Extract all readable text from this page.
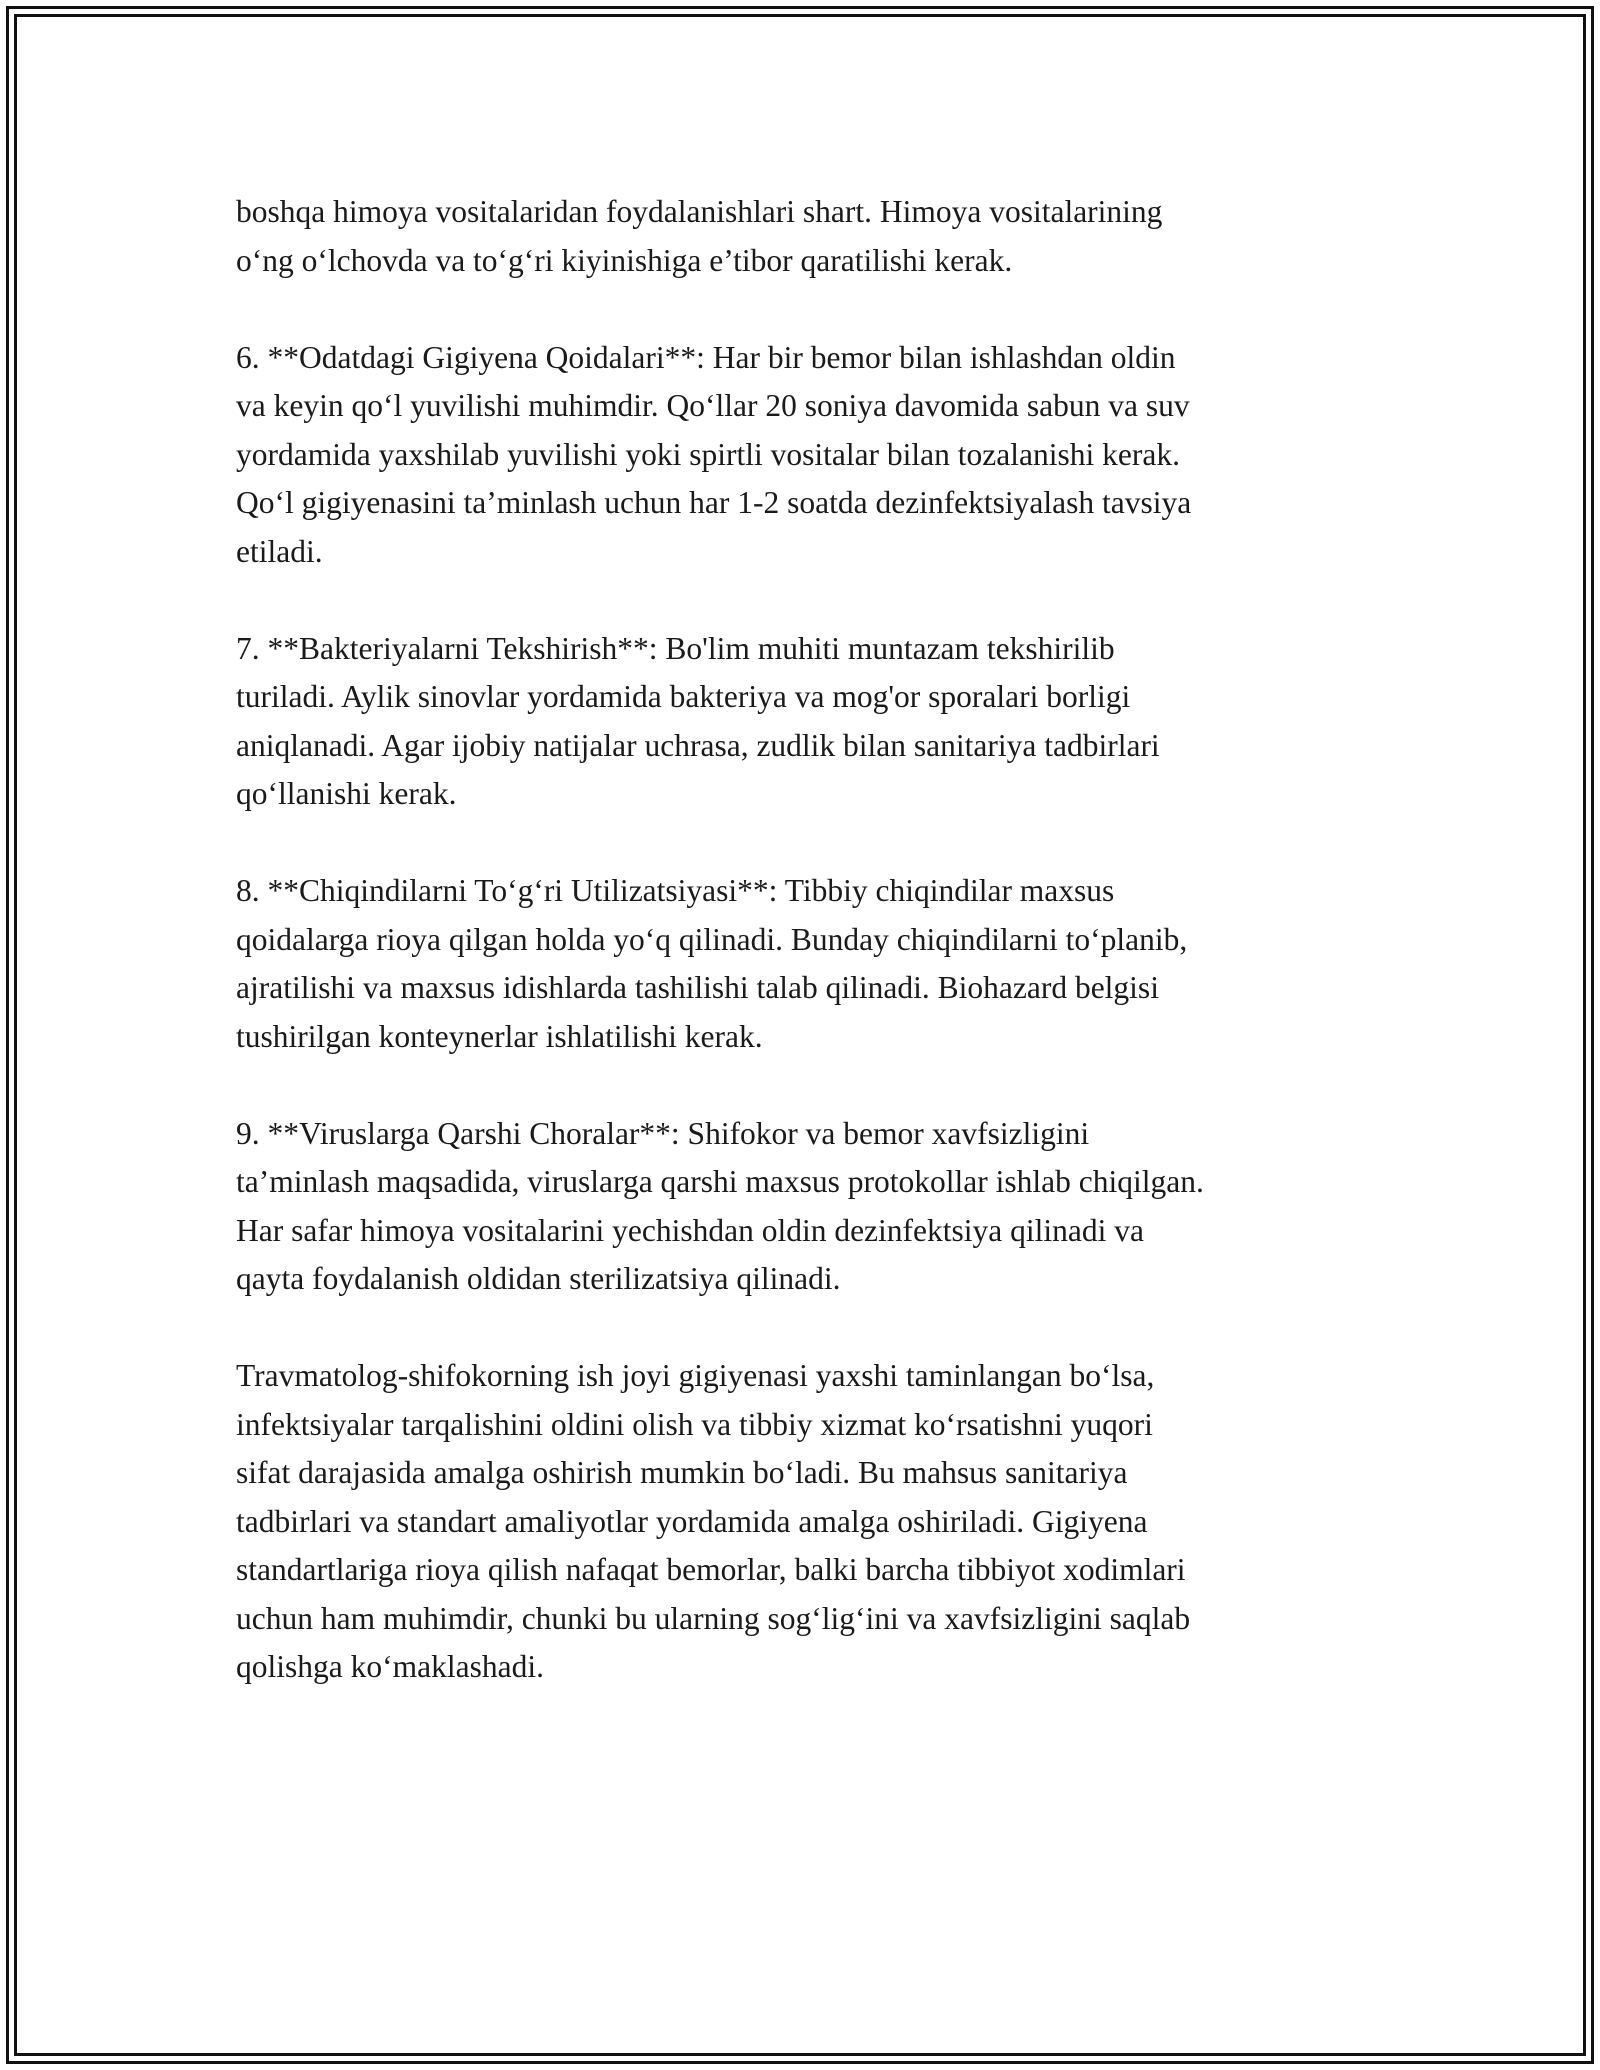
boshqa himoya vositalaridan foydalanishlari shart. Himoya vositalarining
o‘ng o‘lchovda va to‘g‘ri kiyinishiga e’tibor qaratilishi kerak.

6. **Odatdagi Gigiyena Qoidalari**: Har bir bemor bilan ishlashdan oldin
va keyin qo‘l yuvilishi muhimdir. Qo‘llar 20 soniya davomida sabun va suv
yordamida yaxshilab yuvilishi yoki spirtli vositalar bilan tozalanishi kerak.
Qo‘l gigiyenasini ta’minlash uchun har 1-2 soatda dezinfektsiyalash tavsiya
etiladi.

7. **Bakteriyalarni Tekshirish**: Bo'lim muhiti muntazam tekshirilib
turiladi. Aylik sinovlar yordamida bakteriya va mog'or sporalari borligi
aniqlanadi. Agar ijobiy natijalar uchrasa, zudlik bilan sanitariya tadbirlari
qo‘llanishi kerak.

8. **Chiqindilarni To‘g‘ri Utilizatsiyasi**: Tibbiy chiqindilar maxsus
qoidalarga rioya qilgan holda yo‘q qilinadi. Bunday chiqindilarni to‘planib,
ajratilishi va maxsus idishlarda tashilishi talab qilinadi. Biohazard belgisi
tushirilgan konteynerlar ishlatilishi kerak.

9. **Viruslarga Qarshi Choralar**: Shifokor va bemor xavfsizligini
ta’minlash maqsadida, viruslarga qarshi maxsus protokollar ishlab chiqilgan.
Har safar himoya vositalarini yechishdan oldin dezinfektsiya qilinadi va
qayta foydalanish oldidan sterilizatsiya qilinadi.

Travmatolog-shifokorning ish joyi gigiyenasi yaxshi taminlangan bo‘lsa,
infektsiyalar tarqalishini oldini olish va tibbiy xizmat ko‘rsatishni yuqori
sifat darajasida amalga oshirish mumkin bo‘ladi. Bu mahsus sanitariya
tadbirlari va standart amaliyotlar yordamida amalga oshiriladi. Gigiyena
standartlariga rioya qilish nafaqat bemorlar, balki barcha tibbiyot xodimlari
uchun ham muhimdir, chunki bu ularning sog‘lig‘ini va xavfsizligini saqlab
qolishga ko‘maklashadi.
